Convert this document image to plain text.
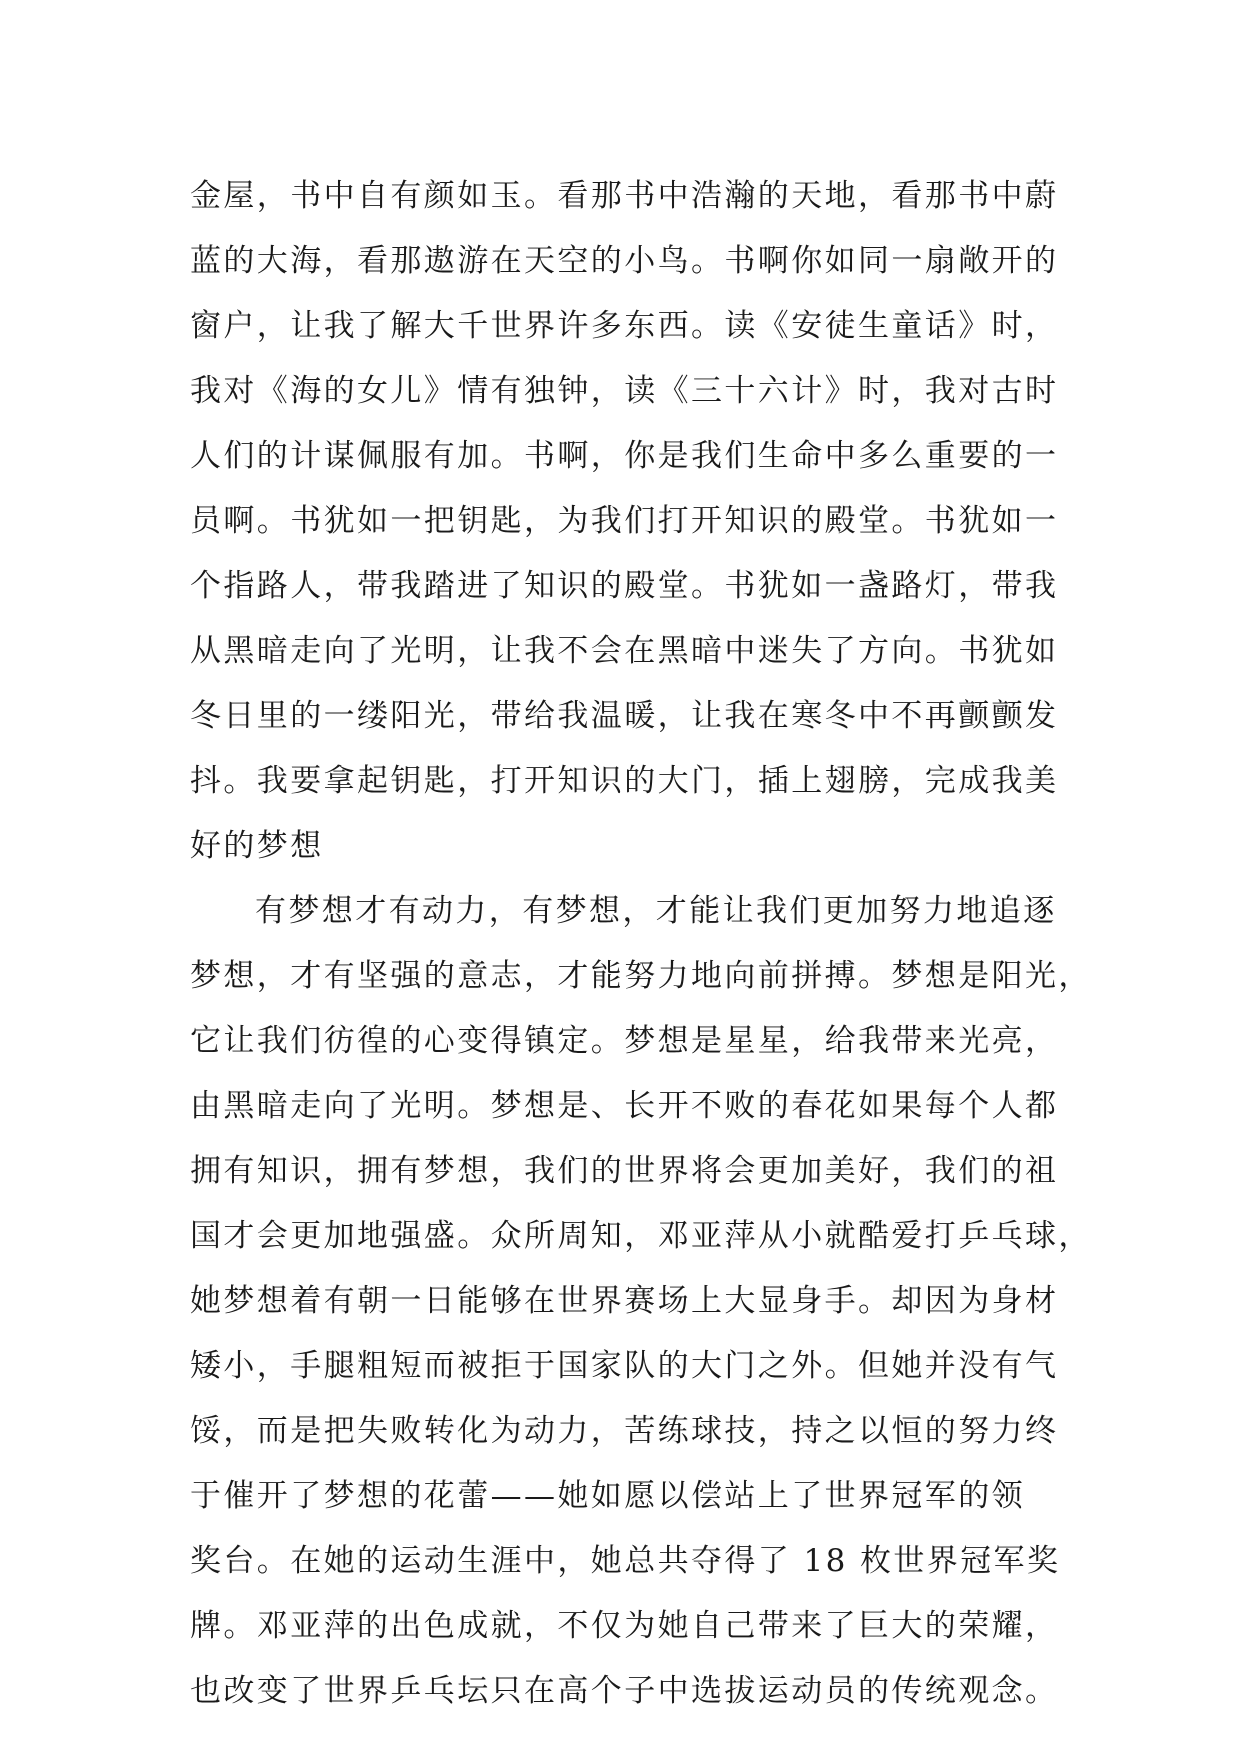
金屋，书中自有颜如玉。看那书中浩瀚的天地，看那书中蔚
蓝的大海，看那遨游在天空的小鸟。书啊你如同一扇敞开的
窗户，让我了解大千世界许多东西。读《安徒生童话》时，
我对《海的女儿》情有独钟，读《三十六计》时，我对古时
人们的计谋佩服有加。书啊，你是我们生命中多么重要的一
员啊。书犹如一把钥匙，为我们打开知识的殿堂。书犹如一
个指路人，带我踏进了知识的殿堂。书犹如一盏路灯，带我
从黑暗走向了光明，让我不会在黑暗中迷失了方向。书犹如
冬日里的一缕阳光，带给我温暖，让我在寒冬中不再颤颤发
抖。我要拿起钥匙，打开知识的大门，插上翅膀，完成我美
好的梦想
有梦想才有动力，有梦想，才能让我们更加努力地追逐
梦想，才有坚强的意志，才能努力地向前拼搏。梦想是阳光，
它让我们彷徨的心变得镇定。梦想是星星，给我带来光亮，
由黑暗走向了光明。梦想是、长开不败的春花如果每个人都
拥有知识，拥有梦想，我们的世界将会更加美好，我们的祖
国才会更加地强盛。众所周知，邓亚萍从小就酷爱打乒乓球，
她梦想着有朝一日能够在世界赛场上大显身手。却因为身材
矮小，手腿粗短而被拒于国家队的大门之外。但她并没有气
馁，而是把失败转化为动力，苦练球技，持之以恒的努力终
于催开了梦想的花蕾——她如愿以偿站上了世界冠军的领
奖台。在她的运动生涯中，她总共夺得了 18 枚世界冠军奖
牌。邓亚萍的出色成就，不仅为她自己带来了巨大的荣耀，
也改变了世界乒乓坛只在高个子中选拔运动员的传统观念。
